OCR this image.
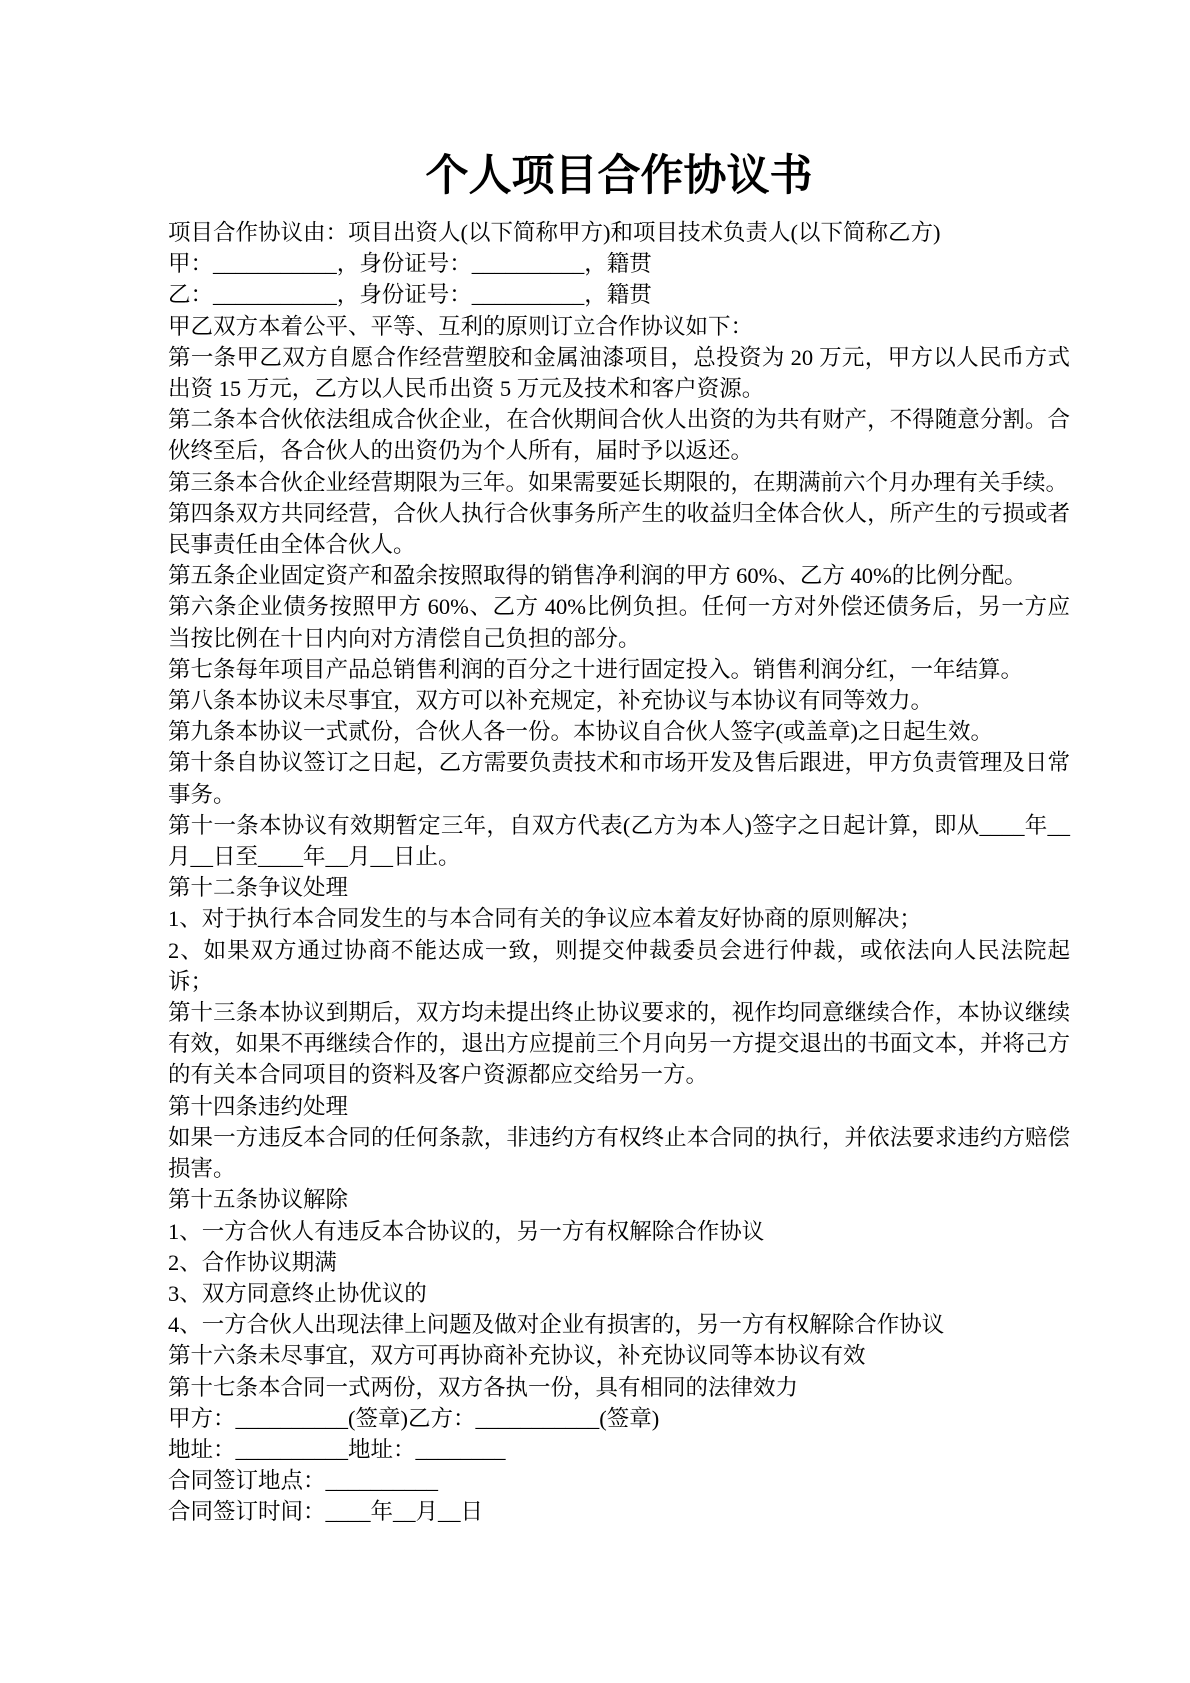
个人项目合作协议书

项目合作协议由：项目出资人(以下简称甲方)和项目技术负责人(以下简称乙方)

甲：___________，身份证号：__________，籍贯

乙：___________，身份证号：__________，籍贯

甲乙双方本着公平、平等、互利的原则订立合作协议如下：

第一条甲乙双方自愿合作经营塑胶和金属油漆项目，总投资为 20 万元，甲方以人民币方式出资 15 万元，乙方以人民币出资 5 万元及技术和客户资源。

第二条本合伙依法组成合伙企业，在合伙期间合伙人出资的为共有财产，不得随意分割。合伙终至后，各合伙人的出资仍为个人所有，届时予以返还。

第三条本合伙企业经营期限为三年。如果需要延长期限的，在期满前六个月办理有关手续。

第四条双方共同经营，合伙人执行合伙事务所产生的收益归全体合伙人，所产生的亏损或者民事责任由全体合伙人。

第五条企业固定资产和盈余按照取得的销售净利润的甲方 60%、乙方 40%的比例分配。

第六条企业债务按照甲方 60%、乙方 40%比例负担。任何一方对外偿还债务后，另一方应当按比例在十日内向对方清偿自己负担的部分。

第七条每年项目产品总销售利润的百分之十进行固定投入。销售利润分红，一年结算。

第八条本协议未尽事宜，双方可以补充规定，补充协议与本协议有同等效力。

第九条本协议一式贰份，合伙人各一份。本协议自合伙人签字(或盖章)之日起生效。

第十条自协议签订之日起，乙方需要负责技术和市场开发及售后跟进，甲方负责管理及日常事务。

第十一条本协议有效期暂定三年，自双方代表(乙方为本人)签字之日起计算，即从____年__月__日至____年__月__日止。

第十二条争议处理

1、对于执行本合同发生的与本合同有关的争议应本着友好协商的原则解决；

2、如果双方通过协商不能达成一致，则提交仲裁委员会进行仲裁，或依法向人民法院起诉；

第十三条本协议到期后，双方均未提出终止协议要求的，视作均同意继续合作，本协议继续有效，如果不再继续合作的，退出方应提前三个月向另一方提交退出的书面文本，并将己方的有关本合同项目的资料及客户资源都应交给另一方。

第十四条违约处理

如果一方违反本合同的任何条款，非违约方有权终止本合同的执行，并依法要求违约方赔偿损害。

第十五条协议解除

1、一方合伙人有违反本合协议的，另一方有权解除合作协议

2、合作协议期满

3、双方同意终止协优议的

4、一方合伙人出现法律上问题及做对企业有损害的，另一方有权解除合作协议

第十六条未尽事宜，双方可再协商补充协议，补充协议同等本协议有效

第十七条本合同一式两份，双方各执一份，具有相同的法律效力

甲方：__________(签章)乙方：___________(签章)

地址：__________地址：________

合同签订地点：__________

合同签订时间：____年__月__日
